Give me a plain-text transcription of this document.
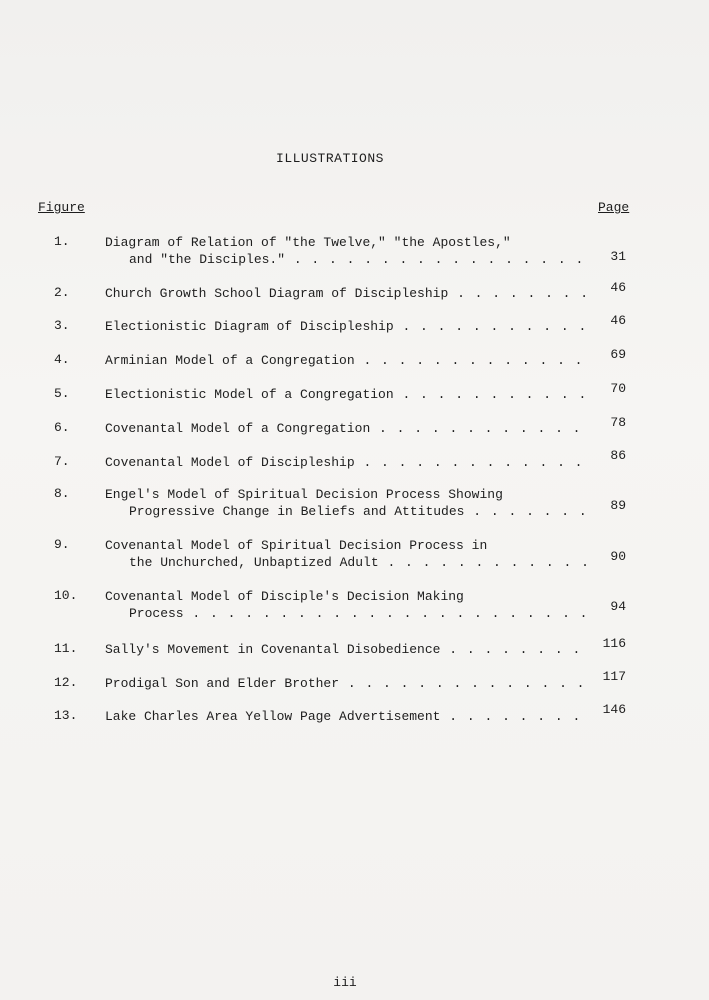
ILLUSTRATIONS
Figure	Page
1.	Diagram of Relation of "the Twelve," "the Apostles,"
and "the Disciples." . . .	31
2.	Church Growth School Diagram of Discipleship . . .	46
3.	Electionistic Diagram of Discipleship . . .	46
4.	Arminian Model of a Congregation . . .	69
5.	Electionistic Model of a Congregation . . .	70
6.	Covenantal Model of a Congregation . . .	78
7.	Covenantal Model of Discipleship . . .	86
8.	Engel's Model of Spiritual Decision Process Showing
Progressive Change in Beliefs and Attitudes . . .	89
9.	Covenantal Model of Spiritual Decision Process in
the Unchurched, Unbaptized Adult . . .	90
10. Covenantal Model of Disciple's Decision Making
Process . . .	94
11. Sally's Movement in Covenantal Disobedience . . .	116
12. Prodigal Son and Elder Brother . . .	117
13. Lake Charles Area Yellow Page Advertisement . . .	146
iii
